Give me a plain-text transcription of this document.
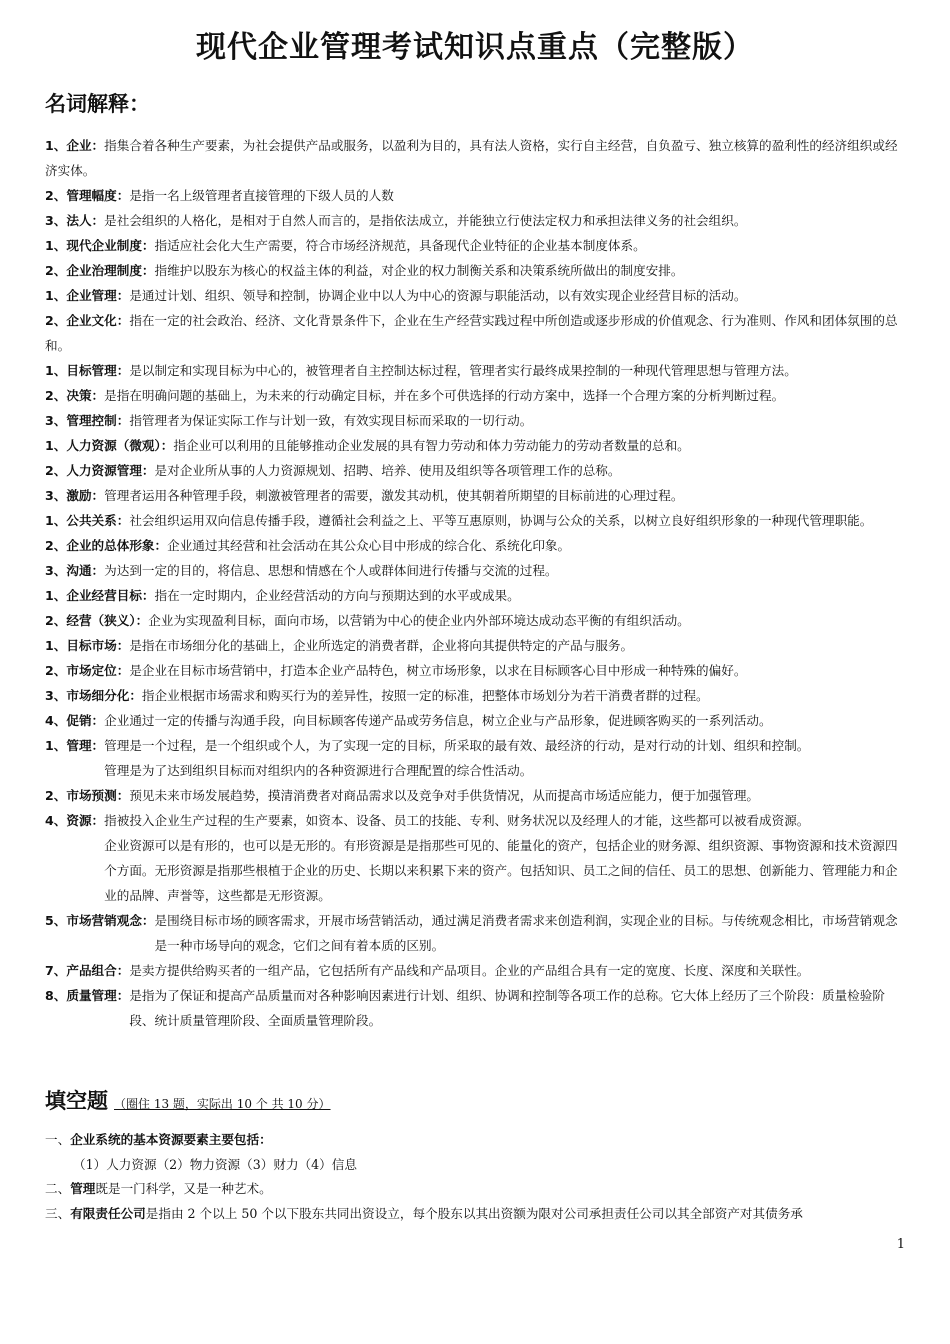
现代企业管理考试知识点重点（完整版）
名词解释：

1、企业：指集合着各种生产要素，为社会提供产品或服务，以盈利为目的，具有法人资格，实行自主经营，自负盈亏、独立核算的盈利性的经济组织或经济实体。

2、管理幅度：是指一名上级管理者直接管理的下级人员的人数

3、法人：是社会组织的人格化，是相对于自然人而言的，是指依法成立，并能独立行使法定权力和承担法律义务的社会组织。

1、现代企业制度：指适应社会化大生产需要，符合市场经济规范，具备现代企业特征的企业基本制度体系。

2、企业治理制度：指维护以股东为核心的权益主体的利益，对企业的权力制衡关系和决策系统所做出的制度安排。

1、企业管理：是通过计划、组织、领导和控制，协调企业中以人为中心的资源与职能活动，以有效实现企业经营目标的活动。

2、企业文化：指在一定的社会政治、经济、文化背景条件下，企业在生产经营实践过程中所创造或逐步形成的价值观念、行为准则、作风和团体氛围的总和。

1、目标管理：是以制定和实现目标为中心的，被管理者自主控制达标过程，管理者实行最终成果控制的一种现代管理思想与管理方法。

2、决策：是指在明确问题的基础上，为未来的行动确定目标，并在多个可供选择的行动方案中，选择一个合理方案的分析判断过程。

3、管理控制：指管理者为保证实际工作与计划一致，有效实现目标而采取的一切行动。

1、人力资源（微观）：指企业可以利用的且能够推动企业发展的具有智力劳动和体力劳动能力的劳动者数量的总和。

2、人力资源管理：是对企业所从事的人力资源规划、招聘、培养、使用及组织等各项管理工作的总称。

3、激励：管理者运用各种管理手段，刺激被管理者的需要，激发其动机，使其朝着所期望的目标前进的心理过程。

1、公共关系：社会组织运用双向信息传播手段，遵循社会利益之上、平等互惠原则，协调与公众的关系，以树立良好组织形象的一种现代管理职能。

2、企业的总体形象：企业通过其经营和社会活动在其公众心目中形成的综合化、系统化印象。

3、沟通：为达到一定的目的，将信息、思想和情感在个人或群体间进行传播与交流的过程。

1、企业经营目标：指在一定时期内，企业经营活动的方向与预期达到的水平或成果。

2、经营（狭义）：企业为实现盈利目标，面向市场，以营销为中心的使企业内外部环境达成动态平衡的有组织活动。

1、目标市场：是指在市场细分化的基础上，企业所选定的消费者群，企业将向其提供特定的产品与服务。

2、市场定位：是企业在目标市场营销中，打造本企业产品特色，树立市场形象，以求在目标顾客心目中形成一种特殊的偏好。

3、市场细分化：指企业根据市场需求和购买行为的差异性，按照一定的标准，把整体市场划分为若干消费者群的过程。

4、促销：企业通过一定的传播与沟通手段，向目标顾客传递产品或劳务信息，树立企业与产品形象，促进顾客购买的一系列活动。

1、管理： 管理是一个过程，是一个组织或个人，为了实现一定的目标，所采取的最有效、最经济的行动，是对行动的计划、组织和控制。
管理是为了达到组织目标而对组织内的各种资源进行合理配置的综合性活动。
2、市场预测： 预见未来市场发展趋势，摸清消费者对商品需求以及竞争对手供货情况，从而提高市场适应能力，便于加强管理。
4、资源： 指被投入企业生产过程的生产要素，如资本、设备、员工的技能、专利、财务状况以及经理人的才能，这些都可以被看成资源。
企业资源可以是有形的，也可以是无形的。有形资源是是指那些可见的、能量化的资产，包括企业的财务源、组织资源、事物资源和技术资源四个方面。无形资源是指那些根植于企业的历史、长期以来积累下来的资产。包括知识、员工之间的信任、员工的思想、创新能力、管理能力和企业的品牌、声誉等，这些都是无形资源。
5、市场营销观念： 是围绕目标市场的顾客需求，开展市场营销活动，通过满足消费者需求来创造利润，实现企业的目标。与传统观念相比，市场营销观念是一种市场导向的观念，它们之间有着本质的区别。
7、产品组合： 是卖方提供给购买者的一组产品，它包括所有产品线和产品项目。企业的产品组合具有一定的宽度、长度、深度和关联性。
8、质量管理： 是指为了保证和提高产品质量而对各种影响因素进行计划、组织、协调和控制等各项工作的总称。它大体上经历了三个阶段：质量检验阶段、统计质量管理阶段、全面质量管理阶段。
填空题 （圈住 13 题，实际出 10 个 共 10 分）
一、企业系统的基本资源要素主要包括：
（1）人力资源（2）物力资源（3）财力（4）信息
二、管理既是一门科学，又是一种艺术。
三、有限责任公司是指由 2 个以上 50 个以下股东共同出资设立，每个股东以其出资额为限对公司承担责任公司以其全部资产对其债务承
1
